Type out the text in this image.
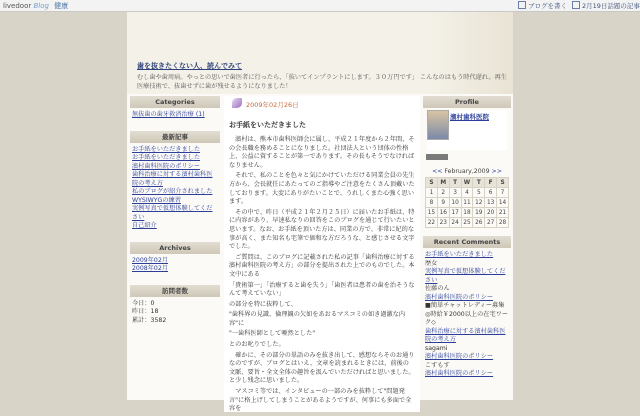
livedoor Blog 健康	ブログを書く	2月19日話題の記事
歯を抜きたくない人、読んでみて
むし歯や歯周病。やっとの思いで歯医者に行ったら、「抜いてインプラントにします。３０万円です」 こんなのはもう時代遅れ。再生医療技術で、抜歯せずに歯が残せるようになりました！
Categories
無抜歯の歯牙救済治療 (1)
最新記事
お手紙をいただきました
お手紙をいただきました
濱村歯科医院のポリシー
歯科治療に対する濱村歯科医院の考え方
私のブログが紹介されました
WYSIWYGの練習
実例写真で仮想体験してください
自己紹介
Archives
2009年02月
2008年02月
訪問者数
今日：0
昨日：18
累計：3582
2009年02月26日
お手紙をいただきました

　濱村は、熊本市歯科医師会に属し、平成２１年度から２年間、その会長職を務めることになりました。社団法人という団体の性格上、公益に資することが第一であります。その長もそうでなければなりません。

　それで、私のことを色々と気にかけていただける同業会員の先生方から、会長就任にあたってのご指導やご注意をたくさん頂戴いたしております。大変にありがたいことで、うれしくまた心強く思います。

　その中で、昨日（平成２１年２月２５日）に届いたお手紙は、特に内容があり、早速私なりの回答をこのブログを通じて行いたいと思います。なお、お手紙を頂いた方は、同業の方で、非常に紀的な事が高く、また知名も宅筆で価和な方だろうな、と感じさせる文字でした。

　ご質問は、このブログに記載された私の記事「歯科治療に対する濱村歯科医院の考え方」の部分を提出された上でのものでした。本文中にある

「貴術第一」「治療すると歯を失う」「歯医者は患者の歯を治そうなんて考えていない」

の部分を特に抜粋して、

"歯科界の見識、倫理観の欠如をあおるマスコミの如き過激な内容"に

"一歯科医師として唖然とした"

とのお叱りでした。

　確かに、その部分の単語のみを抜き出して、感想ならそのお通りなのですが、ブログとはいえ、文章を読まれるときには、前後の文脈、要旨・全文全体の趣旨を汲んでいただければと思いました。と少し残念に思いました。

　マスコミ等では、インタビューの一部のみを抜粋して"問題発言"に格上げしてしまうことがあるようですが、何事にも多面で全容を

Profile
濱村歯科医院
<< February,2009 >>
S	M	T	W	T	F	S
1	2	3	4	5	6	7
8	9	10	11	12	13	14
15	16	17	18	19	20	21
22	23	24	25	26	27	28
Recent Comments
お手紙をいただきました
歴女
実例写真で仮想体験してください
佐藤のん
濱村歯科医院のポリシー
■簡単チャットレディー募集◎時給￥2000以上の在宅ワーク◇
歯科治療に対する濱村歯科医院の考え方
sagami
濱村歯科医院のポリシー
こすもす
濱村歯科医院のポリシー
